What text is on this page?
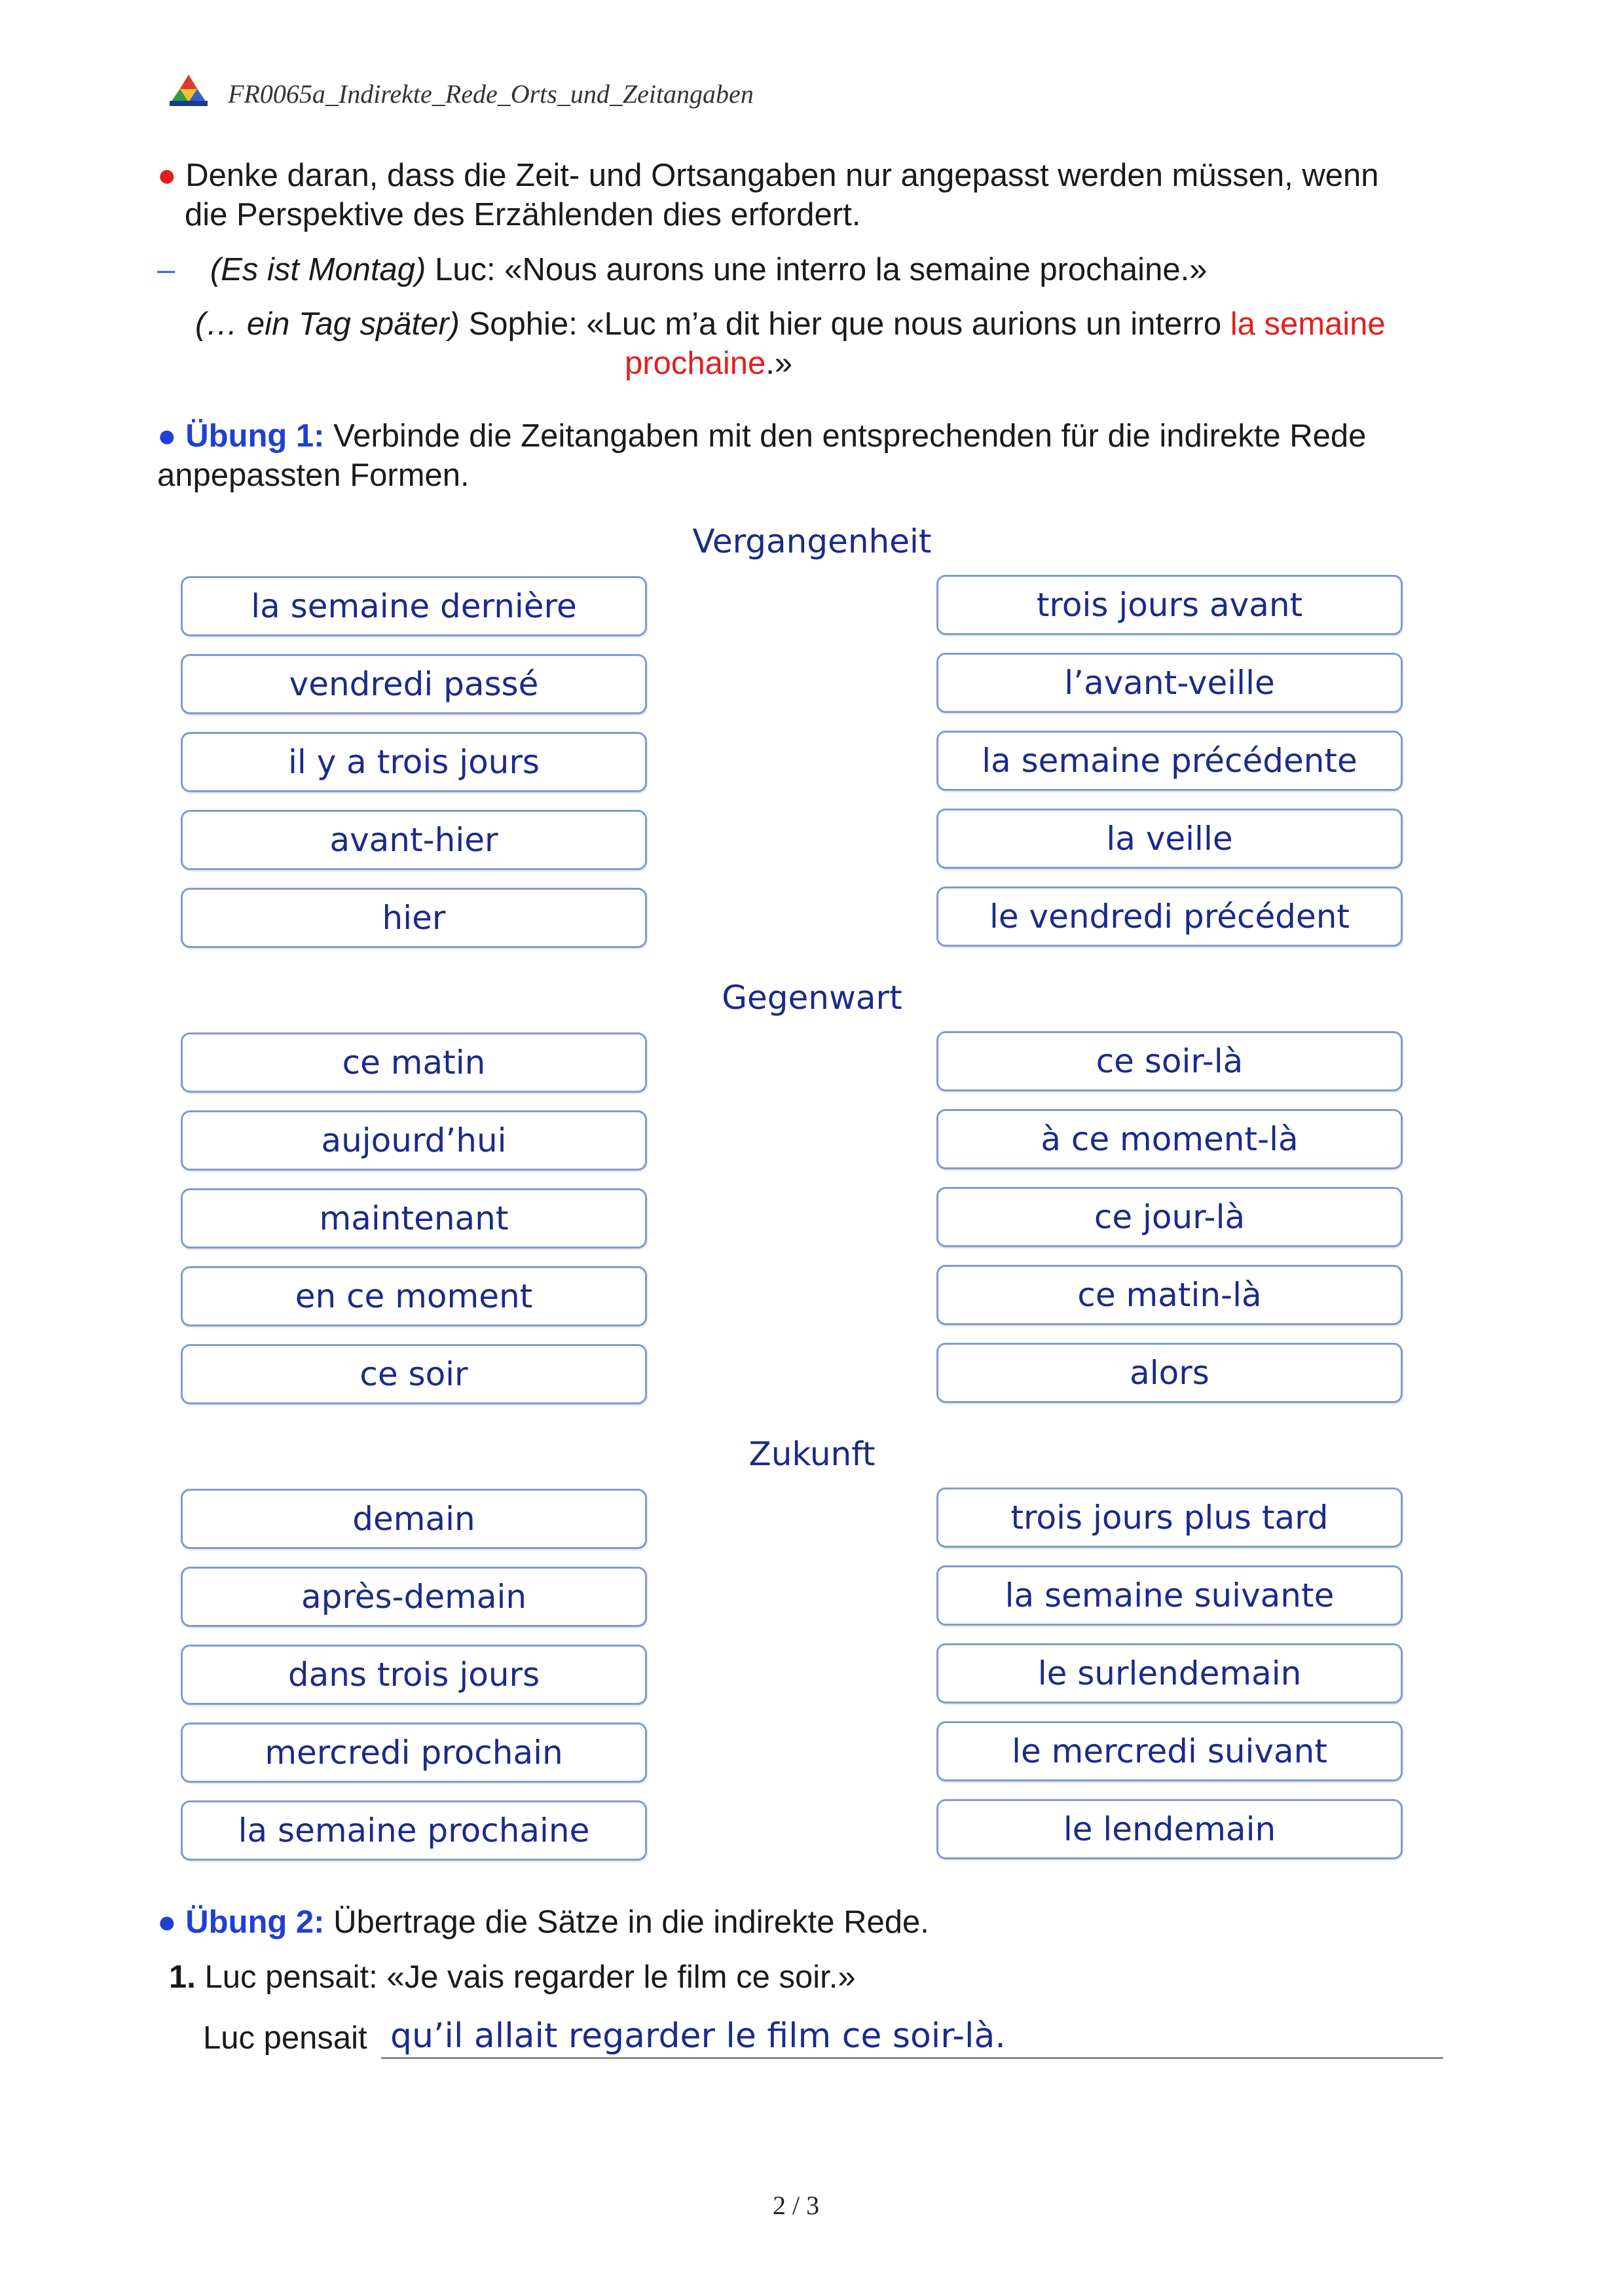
FR0065a_Indirekte_Rede_Orts_und_Zeitangaben
● Denke daran, dass die Zeit- und Ortsangaben nur angepasst werden müssen, wenn
die Perspektive des Erzählenden dies erfordert.
– (Es ist Montag) Luc: «Nous aurons une interro la semaine prochaine.»
(… ein Tag später) Sophie: «Luc m’a dit hier que nous aurions un interro la semaine
prochaine.»
● Übung 1: Verbinde die Zeitangaben mit den entsprechenden für die indirekte Rede
anpepassten Formen.
Vergangenheit
la semaine dernière
vendredi passé
il y a trois jours
avant-hier
hier
trois jours avant
l’avant-veille
la semaine précédente
la veille
le vendredi précédent
Gegenwart
ce matin
aujourd’hui
maintenant
en ce moment
ce soir
ce soir-là
à ce moment-là
ce jour-là
ce matin-là
alors
Zukunft
demain
après-demain
dans trois jours
mercredi prochain
la semaine prochaine
trois jours plus tard
la semaine suivante
le surlendemain
le mercredi suivant
le lendemain
● Übung 2: Übertrage die Sätze in die indirekte Rede.
1. Luc pensait: «Je vais regarder le film ce soir.»
Luc pensait qu’il allait regarder le film ce soir-là.
2 / 3
